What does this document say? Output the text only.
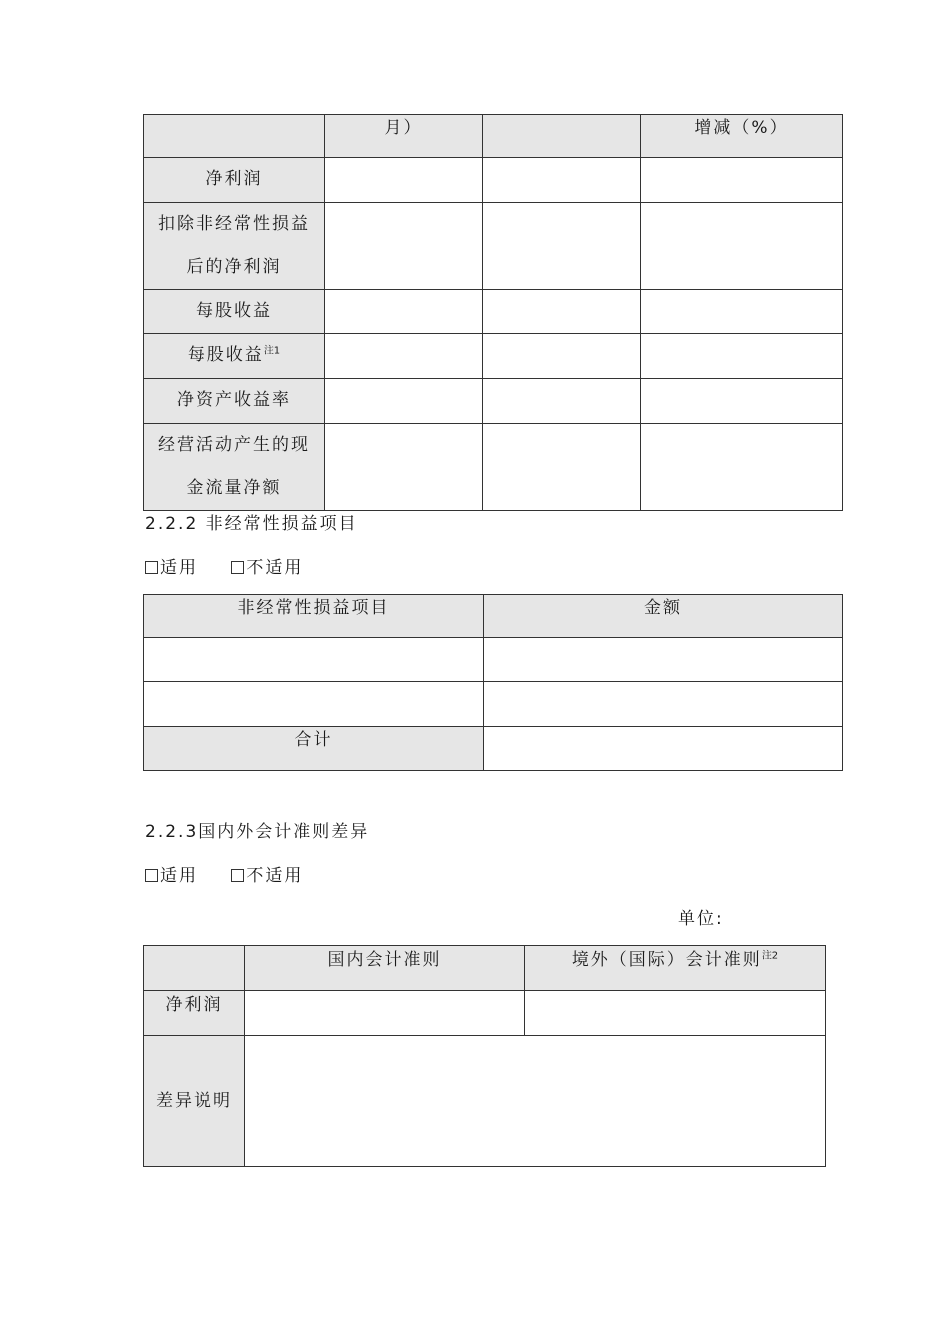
	月）		增减（%）

净利润			

扣除非经常性损益
后的净利润			

每股收益			

每股收益$^{注1}$

净资产收益率			

经营活动产生的现
金流量净额			

2.2.2 非经常性损益项目
适用	不适用
非经常性损益项目	金额

合计	

2.2.3国内外会计准则差异
适用	不适用
单位:

	国内会计准则	境外（国际）会计准则$^{注2}$

净利润		

差异说明		
